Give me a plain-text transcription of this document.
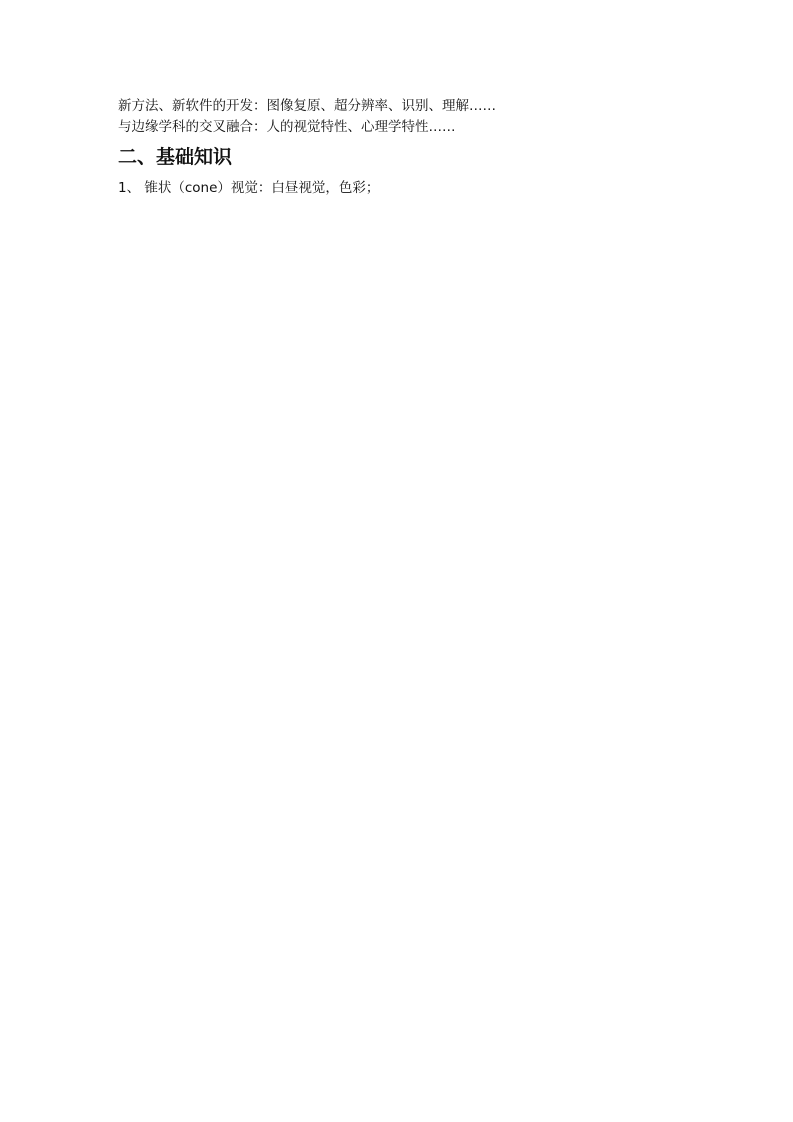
新方法、新软件的开发：图像复原、超分辨率、识别、理解……

与边缘学科的交叉融合：人的视觉特性、心理学特性……

二、基础知识

1、 锥状（cone）视觉：白昼视觉，色彩；
